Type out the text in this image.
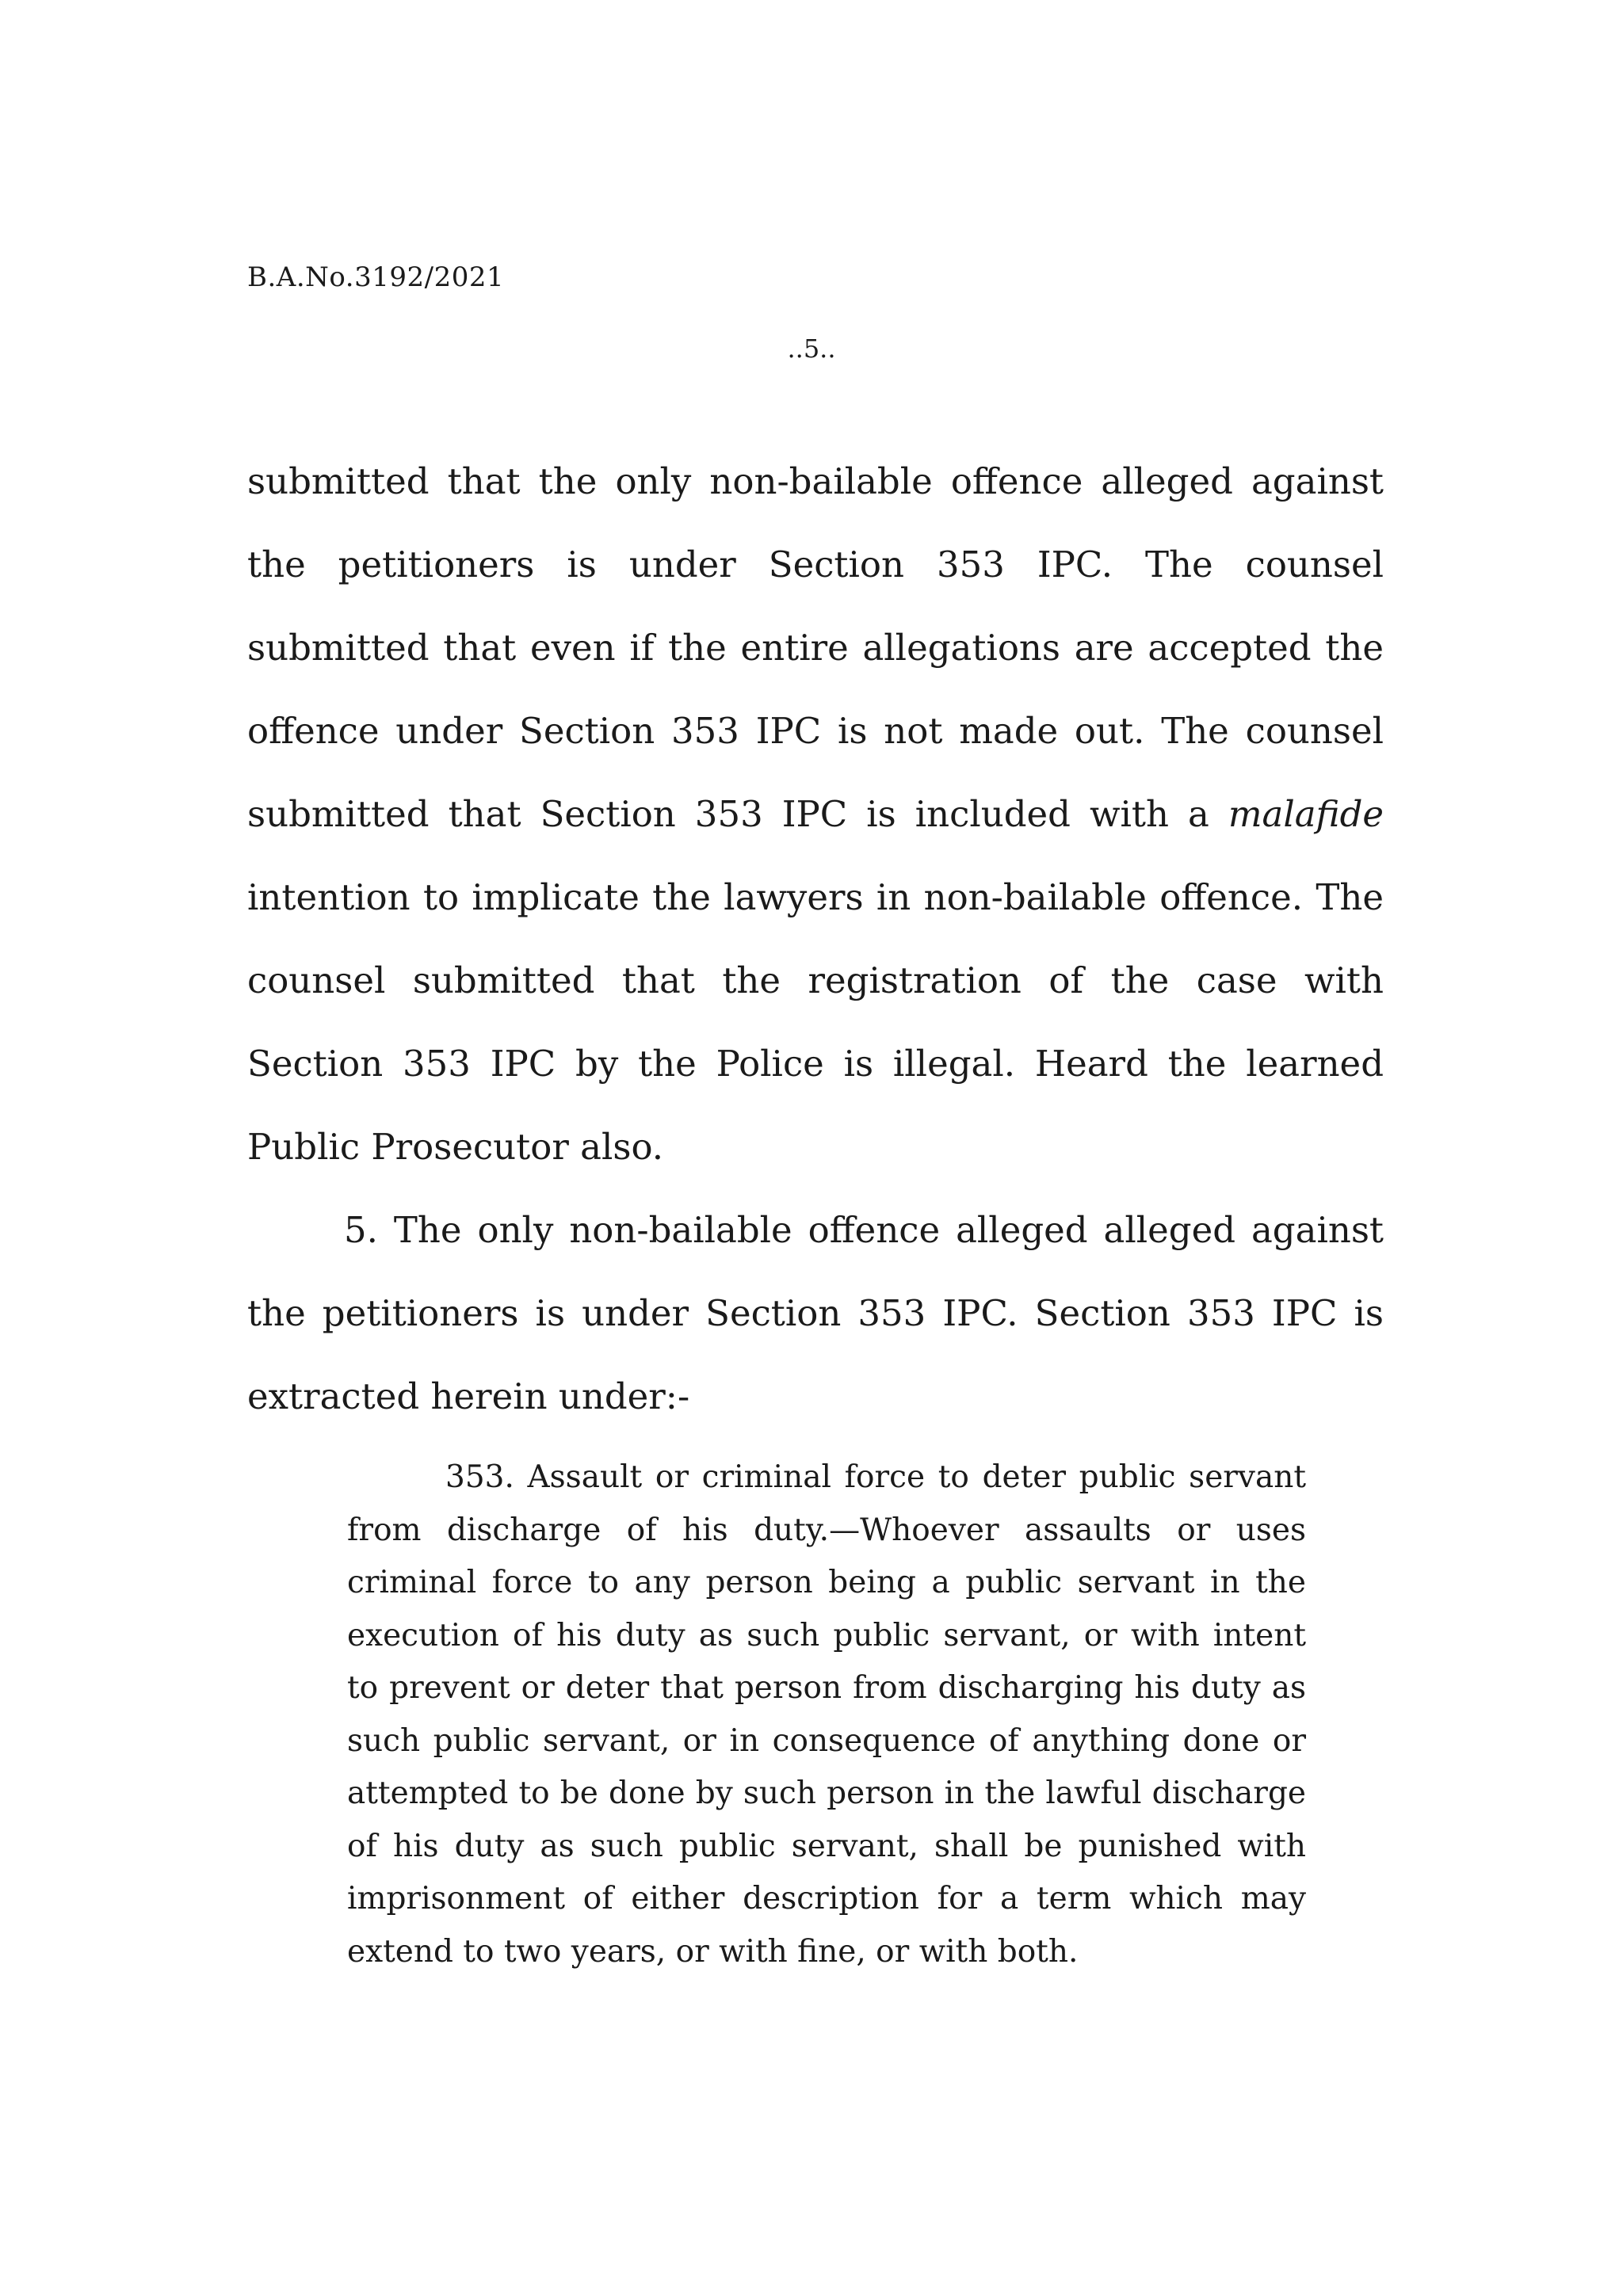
B.A.No.3192/2021
..5..

submitted that the only non-bailable offence alleged against the petitioners is under Section 353 IPC. The counsel submitted that even if the entire allegations are accepted the offence under Section 353 IPC is not made out. The counsel submitted that Section 353 IPC is included with a malafide intention to implicate the lawyers in non-bailable offence. The counsel submitted that the registration of the case with Section 353 IPC by the Police is illegal. Heard the learned Public Prosecutor also.

5. The only non-bailable offence alleged alleged against the petitioners is under Section 353 IPC. Section 353 IPC is extracted herein under:-

353. Assault or criminal force to deter public servant from discharge of his duty.—Whoever assaults or uses criminal force to any person being a public servant in the execution of his duty as such public servant, or with intent to prevent or deter that person from discharging his duty as such public servant, or in consequence of anything done or attempted to be done by such person in the lawful discharge of his duty as such public servant, shall be punished with imprisonment of either description for a term which may extend to two years, or with fine, or with both.
